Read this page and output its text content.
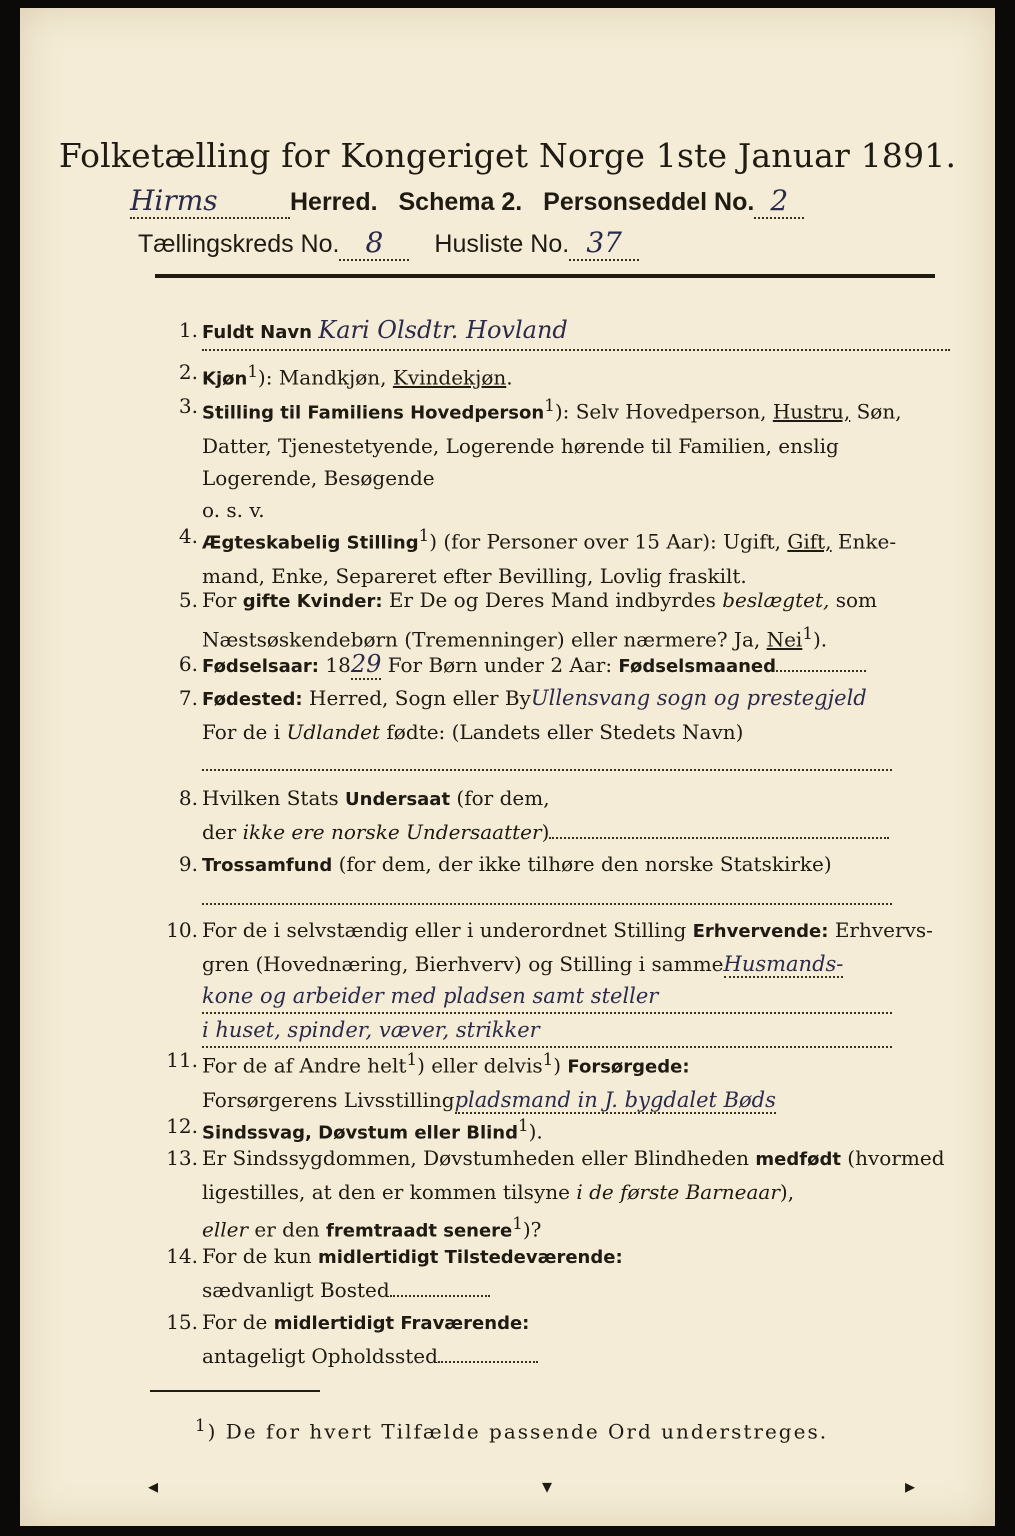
Folketælling for Kongeriget Norge 1ste Januar 1891.
Hirms	Herred. Schema 2. Personseddel No. 2
Tællingskreds No. 8 Husliste No. 37
1. Fuldt Navn Kari Olsdtr. Hovland
2. Kjøn$^1$): Mandkjøn, Kvindekjøn.
3. Stilling til Familiens Hovedperson$^1$): Selv Hovedperson, Hustru, Søn,
Datter, Tjenestetyende, Logerende hørende til Familien, enslig
Logerende, Besøgende
o. s. v.
4. Ægteskabelig Stilling$^1$) (for Personer over 15 Aar): Ugift, Gift, Enke-
mand, Enke, Separeret efter Bevilling, Lovlig fraskilt.
5. For gifte Kvinder: Er De og Deres Mand indbyrdes beslægtet, som
Næstsøskendebørn (Tremenninger) eller nærmere? Ja, Nei$^1$).
6. Fødselsaar: 1829 For Børn under 2 Aar: Fødselsmaaned
7. Fødested: Herred, Sogn eller ByUllensvang sogn og prestegjeld
For de i Udlandet fødte: (Landets eller Stedets Navn)

8. Hvilken Stats Undersaat (for dem,
der ikke ere norske Undersaatter)
9. Trossamfund (for dem, der ikke tilhøre den norske Statskirke)

10. For de i selvstændig eller i underordnet Stilling Erhvervende: Erhvervs-
gren (Hovednæring, Bierhverv) og Stilling i sammeHusmands-
kone og arbeider med pladsen samt steller
i huset, spinder, væver, strikker
11. For de af Andre helt$^1$) eller delvis$^1$) Forsørgede:
Forsørgerens Livsstillingpladsmand in J. bygdalet Bøds
12. Sindssvag, Døvstum eller Blind$^1$).
13. Er Sindssygdommen, Døvstumheden eller Blindheden medfødt (hvormed
ligestilles, at den er kommen tilsyne i de første Barneaar),
eller er den fremtraadt senere$^1$)?
14. For de kun midlertidigt Tilstedeværende:
sædvanligt Bosted
15. For de midlertidigt Fraværende:
antageligt Opholdssted
$^1$) De for hvert Tilfælde passende Ord understreges.
◂	▾	▸
